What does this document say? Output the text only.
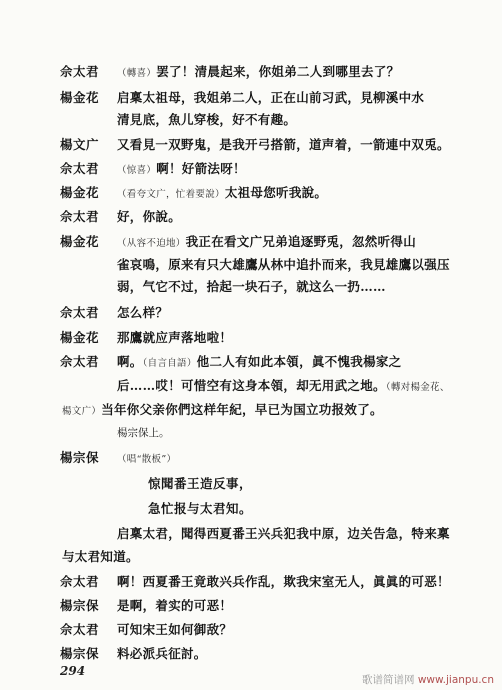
佘太君	（轉喜）罢了！清晨起来，你姐弟二人到哪里去了？
楊金花	启稟太祖母，我姐弟二人，正在山前习武，見柳溪中水
清見底，魚儿穿梭，好不有趣。
楊文广	又看見一双野鬼，是我开弓搭箭，道声着，一箭連中双兎。
佘太君	（惊喜）啊！好箭法呀！
楊金花	（看夸文广，忙着要說）太祖母您听我說。
佘太君	好，你說。
楊金花	（从容不迫地）我正在看文广兄弟追逐野兎，忽然听得山
雀哀鳴，原来有只大雄鷹从林中追扑而来，我見雄鷹以强压
弱，气它不过，拾起一块石子，就这么一扔……
佘太君	怎么样？
楊金花	那鷹就应声落地啦！
佘太君	啊。（自言自語）他二人有如此本領，眞不愧我楊家之
后……哎！可惜空有这身本領，却无用武之地。（轉对楊金花、
楊文广）当年你父亲你們这样年紀，早已为国立功报效了。
楊宗保上。
楊宗保	（唱“散板”）
惊聞番王造反事，
急忙报与太君知。
启稟太君，聞得西夏番王兴兵犯我中原，边关告急，特来稟
与太君知道。
佘太君	啊！西夏番王竟敢兴兵作乱，欺我宋室无人，眞眞的可恶！
楊宗保	是啊，着实的可恶！
佘太君	可知宋王如何御敌？
楊宗保	料必派兵征討。
294
歌谱简谱网 www.jianpu.cn
